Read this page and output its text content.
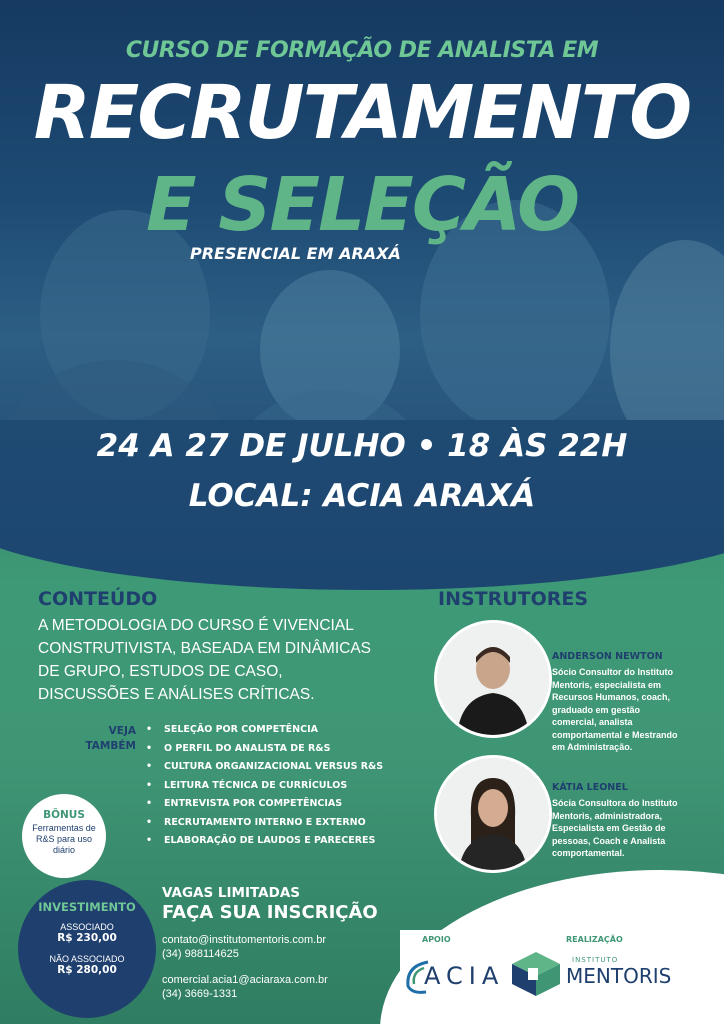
CURSO DE FORMAÇÃO DE ANALISTA EM
RECRUTAMENTO
E SELEÇÃO
PRESENCIAL EM ARAXÁ
24 A 27 DE JULHO • 18 ÀS 22H
LOCAL: ACIA ARAXÁ
CONTEÚDO
A METODOLOGIA DO CURSO É VIVENCIAL CONSTRUTIVISTA, BASEADA EM DINÂMICAS DE GRUPO, ESTUDOS DE CASO, DISCUSSÕES E ANÁLISES CRÍTICAS.
VEJA
TAMBÉM
• SELEÇÃO POR COMPETÊNCIA
• O PERFIL DO ANALISTA DE R&S
• CULTURA ORGANIZACIONAL VERSUS R&S
• LEITURA TÉCNICA DE CURRÍCULOS
• ENTREVISTA POR COMPETÊNCIAS
• RECRUTAMENTO INTERNO E EXTERNO
• ELABORAÇÃO DE LAUDOS E PARECERES
BÔNUS
Ferramentas de R&S para uso diário
INSTRUTORES
ANDERSON NEWTON
Sócio Consultor do Instituto Mentoris, especialista em Recursos Humanos, coach, graduado em gestão comercial, analista comportamental e Mestrando em Administração.
KÁTIA LEONEL
Sócia Consultora do Instituto Mentoris, administradora, Especialista em Gestão de pessoas, Coach e Analista comportamental.
INVESTIMENTO
ASSOCIADO
R$ 230,00
NÃO ASSOCIADO
R$ 280,00
VAGAS LIMITADAS
FAÇA SUA INSCRIÇÃO
contato@institutomentoris.com.br
(34) 988114625
comercial.acia1@aciaraxa.com.br
(34) 3669-1331
APOIO
ACIA
REALIZAÇÃO
INSTITUTO
MENTORIS
